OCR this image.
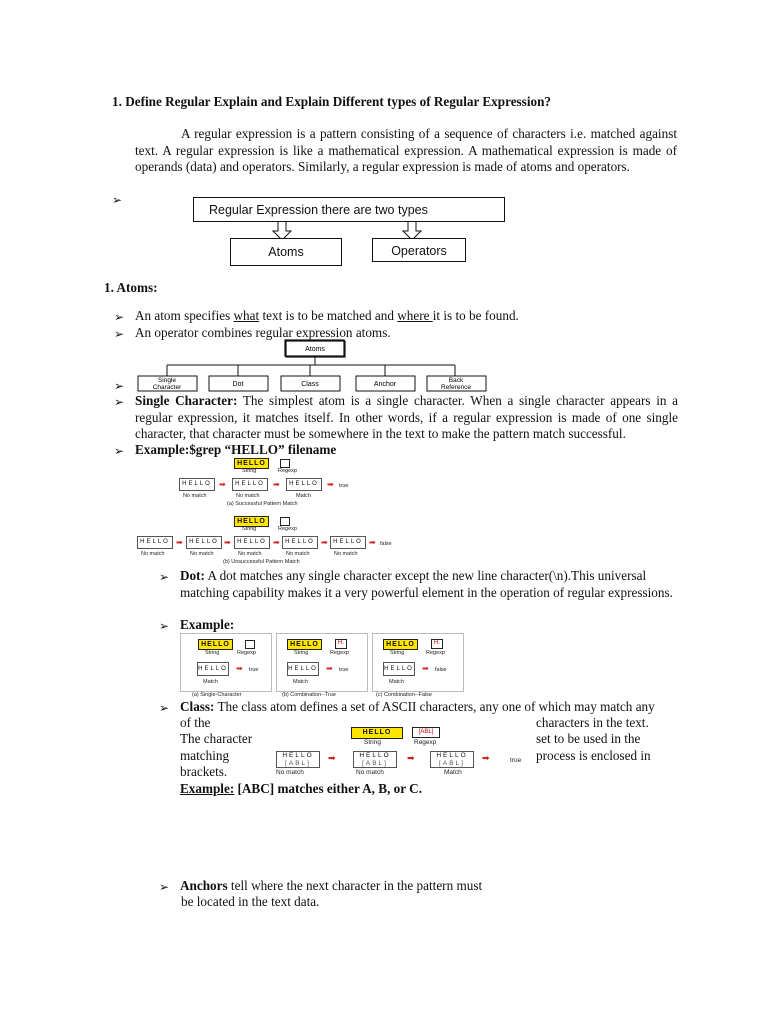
1. Define Regular Explain and Explain Different types of Regular Expression?
A regular expression is a pattern consisting of a sequence of characters i.e. matched against text. A regular expression is like a mathematical expression. A mathematical expression is made of operands (data) and operators. Similarly, a regular expression is made of atoms and operators.
➢
Regular Expression there are two types
Atoms	Operators
1. Atoms:
➢ An atom specifies what text is to be matched and where it is to be found.
➢ An operator combines regular expression atoms.
➢
Atoms
Single
Character	Dot	Class	Anchor
Back
Reference
➢ Single Character: The simplest atom is a single character. When a single character appears in a regular expression, it matches itself. In other words, if a regular expression is made of one single character, that character must be somewhere in the text to make the pattern match successful.
➢ Example:$grep “HELLO” filename
HELLO
String	Regexp
HELLO ➡	HELLO	➡	HELLO	➡ true
No match	No match	Match
(a) Successful Pattern Match
HELLO
String	Regexp
HELLO ➡	HELLO ➡	HELLO ➡ HELLO ➡ HELLO ➡ false
No match	No match	No match	No match	No match
(b) Unsuccessful Pattern Match
➢ Dot: A dot matches any single character except the new line character(\n).This universal matching capability makes it a very powerful element in the operation of regular expressions.
➢ Example:
HELLO
String	Regexp
HELLO ➡ true
Match
HELLO	H.
String	Regexp
HELLO ➡ true
Match
HELLO	H.
String	Regexp
HELLO ➡ false
Match
(a) Single-Character	(b) Combination--True	(c) Combination--False
➢ Class: The class atom defines a set of ASCII characters, any one of which may match any
of the
The character
matching
brackets.
characters in the text.
set to be used in the
process is enclosed in
HELLO	[ABL]
String	Regexp
HELLO
[ABL]	➡	HELLO
[ABL]	➡	HELLO
[ABL]	➡	true
No match	No match	Match
Example: [ABC] matches either A, B, or C.
➢ Anchors tell where the next character in the pattern must
be located in the text data.
